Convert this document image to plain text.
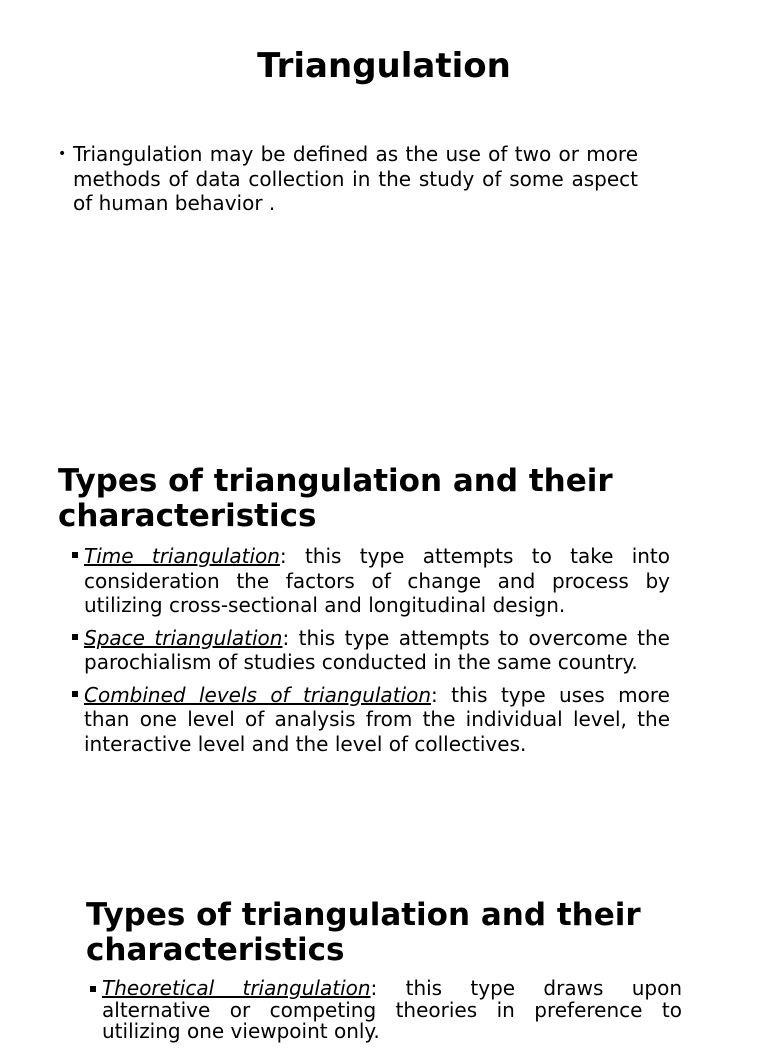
Triangulation
• Triangulation may be defined as the use of two or more methods of data collection in the study of some aspect of human behavior .
Types of triangulation and their characteristics
Time triangulation: this type attempts to take into consideration the factors of change and process by utilizing cross-sectional and longitudinal design.
Space triangulation: this type attempts to overcome the parochialism of studies conducted in the same country.
Combined levels of triangulation: this type uses more than one level of analysis from the individual level, the interactive level and the level of collectives.
Types of triangulation and their characteristics
Theoretical triangulation: this type draws upon alternative or competing theories in preference to utilizing one viewpoint only.
